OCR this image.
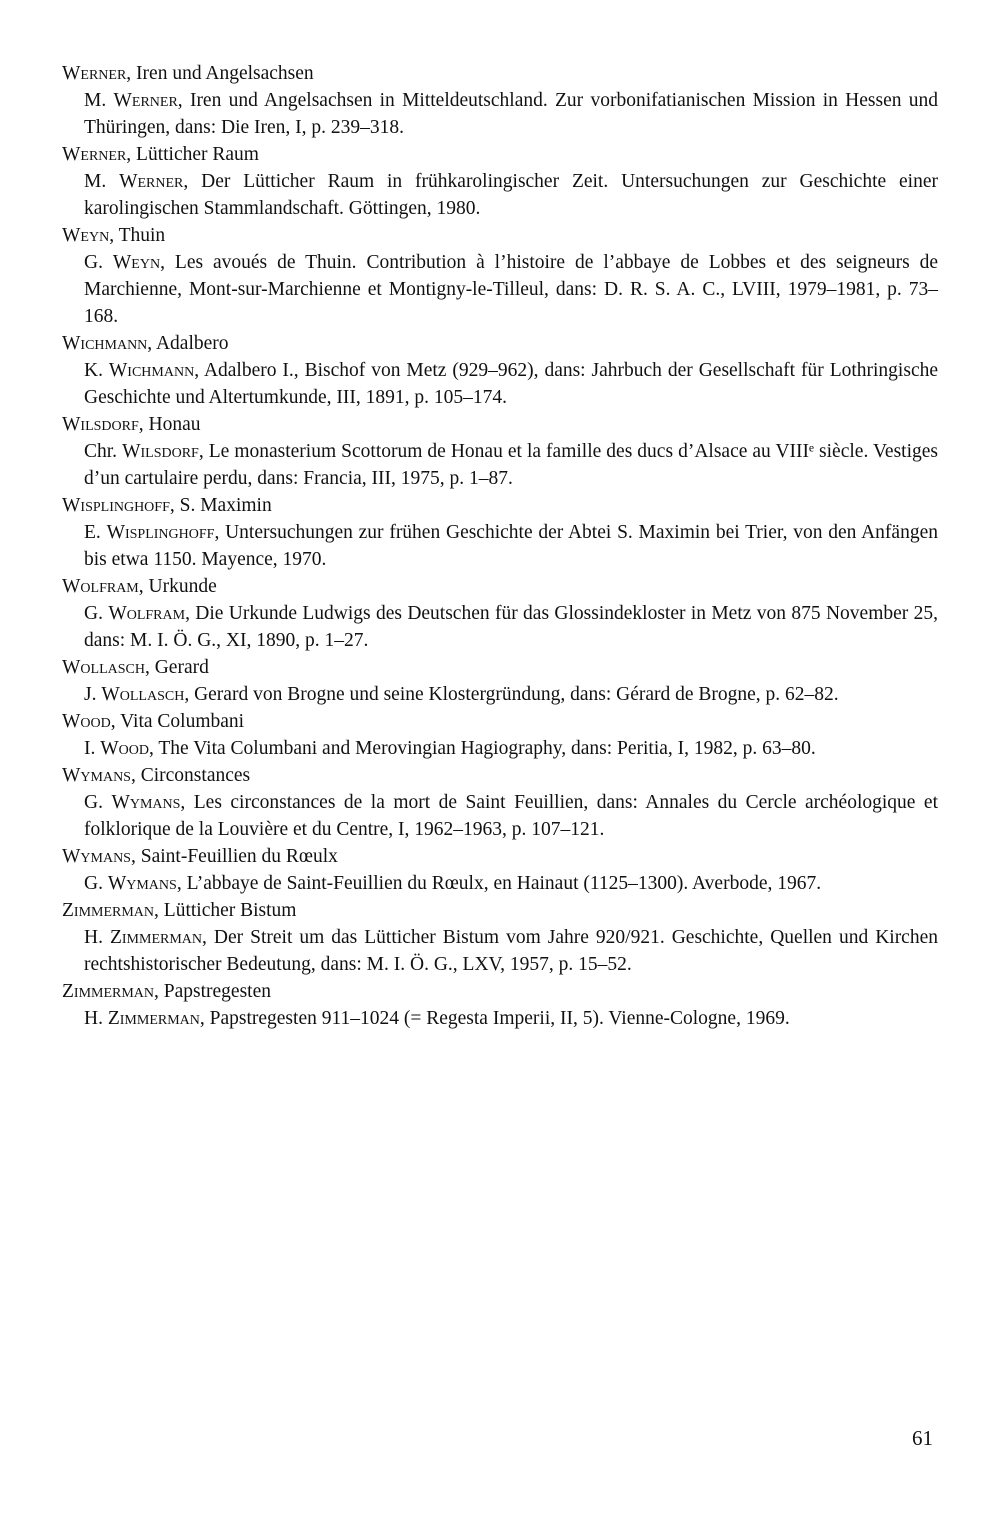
Werner, Iren und Angelsachsen
M. Werner, Iren und Angelsachsen in Mitteldeutschland. Zur vorbonifatianischen Mission in Hessen und Thüringen, dans: Die Iren, I, p. 239–318.
Werner, Lütticher Raum
M. Werner, Der Lütticher Raum in frühkarolingischer Zeit. Untersuchungen zur Geschichte einer karolingischen Stammlandschaft. Göttingen, 1980.
Weyn, Thuin
G. Weyn, Les avoués de Thuin. Contribution à l’histoire de l’abbaye de Lobbes et des seigneurs de Marchienne, Mont-sur-Marchienne et Montigny-le-Tilleul, dans: D. R. S. A. C., LVIII, 1979–1981, p. 73–168.
Wichmann, Adalbero
K. Wichmann, Adalbero I., Bischof von Metz (929–962), dans: Jahrbuch der Gesellschaft für Lothringische Geschichte und Altertumkunde, III, 1891, p. 105–174.
Wilsdorf, Honau
Chr. Wilsdorf, Le monasterium Scottorum de Honau et la famille des ducs d’Alsace au VIIIᵉ siècle. Vestiges d’un cartulaire perdu, dans: Francia, III, 1975, p. 1–87.
Wisplinghoff, S. Maximin
E. Wisplinghoff, Untersuchungen zur frühen Geschichte der Abtei S. Maximin bei Trier, von den Anfängen bis etwa 1150. Mayence, 1970.
Wolfram, Urkunde
G. Wolfram, Die Urkunde Ludwigs des Deutschen für das Glossindekloster in Metz von 875 November 25, dans: M. I. Ö. G., XI, 1890, p. 1–27.
Wollasch, Gerard
J. Wollasch, Gerard von Brogne und seine Klostergründung, dans: Gérard de Brogne, p. 62–82.
Wood, Vita Columbani
I. Wood, The Vita Columbani and Merovingian Hagiography, dans: Peritia, I, 1982, p. 63–80.
Wymans, Circonstances
G. Wymans, Les circonstances de la mort de Saint Feuillien, dans: Annales du Cercle archéologique et folklorique de la Louvière et du Centre, I, 1962–1963, p. 107–121.
Wymans, Saint-Feuillien du Rœulx
G. Wymans, L’abbaye de Saint-Feuillien du Rœulx, en Hainaut (1125–1300). Averbode, 1967.
Zimmerman, Lütticher Bistum
H. Zimmerman, Der Streit um das Lütticher Bistum vom Jahre 920/921. Geschichte, Quellen und Kirchen rechtshistorischer Bedeutung, dans: M. I. Ö. G., LXV, 1957, p. 15–52.
Zimmerman, Papstregesten
H. Zimmerman, Papstregesten 911–1024 (= Regesta Imperii, II, 5). Vienne-Cologne, 1969.
61
